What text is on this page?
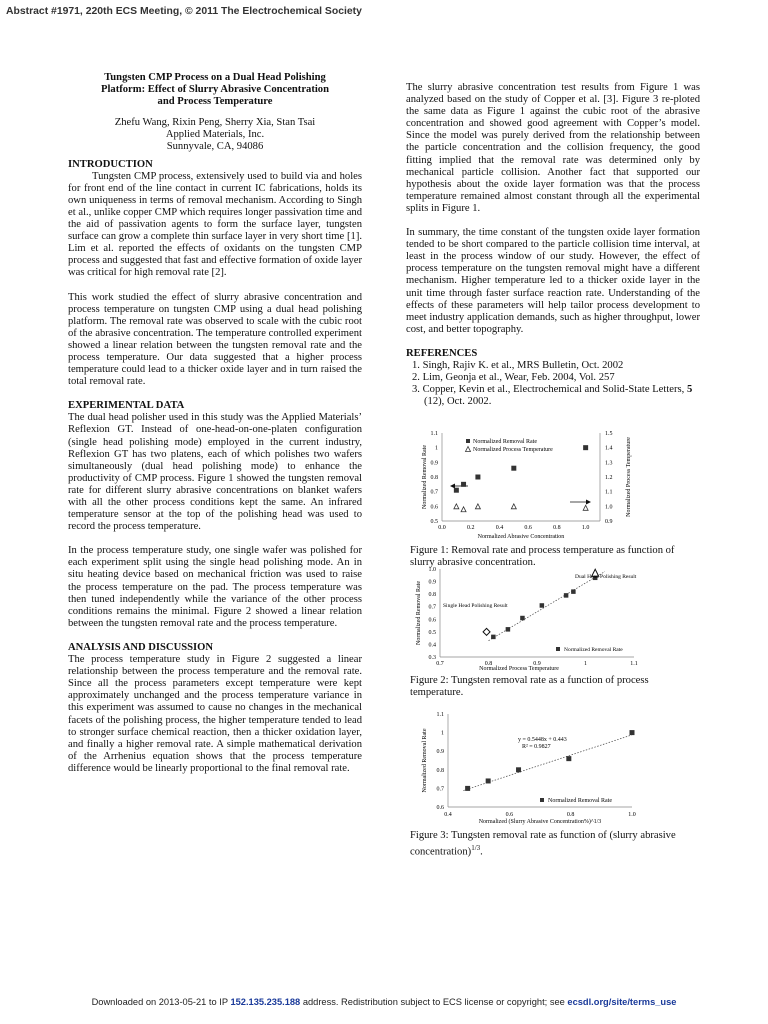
Abstract #1971, 220th ECS Meeting, © 2011 The Electrochemical Society
Tungsten CMP Process on a Dual Head Polishing
Platform: Effect of Slurry Abrasive Concentration
and Process Temperature
Zhefu Wang, Rixin Peng, Sherry Xia, Stan Tsai
Applied Materials, Inc.
Sunnyvale, CA, 94086
INTRODUCTION

Tungsten CMP process, extensively used to build via and holes for front end of the line contact in current IC fabrications, holds its own uniqueness in terms of removal mechanism. According to Singh et al., unlike copper CMP which requires longer passivation time and the aid of passivation agents to form the surface layer, tungsten surface can grow a complete thin surface layer in very short time [1]. Lim et al. reported the effects of oxidants on the tungsten CMP process and suggested that fast and effective formation of oxide layer was critical for high removal rate [2].

This work studied the effect of slurry abrasive concentration and process temperature on tungsten CMP using a dual head polishing platform. The removal rate was observed to scale with the cubic root of the abrasive concentration. The temperature controlled experiment showed a linear relation between the tungsten removal rate and the process temperature. Our data suggested that a higher process temperature could lead to a thicker oxide layer and in turn raised the total removal rate.

EXPERIMENTAL DATA

The dual head polisher used in this study was the Applied Materials’ Reflexion GT. Instead of one-head-on-one-platen configuration (single head polishing mode) employed in the current industry, Reflexion GT has two platens, each of which polishes two wafers simultaneously (dual head polishing mode) to enhance the productivity of CMP process. Figure 1 showed the tungsten removal rate for different slurry abrasive concentrations on blanket wafers with all the other process conditions kept the same. An infrared temperature sensor at the top of the polishing head was used to record the process temperature.

In the process temperature study, one single wafer was polished for each experiment split using the single head polishing mode. An in situ heating device based on mechanical friction was used to raise the process temperature on the pad. The process temperature was then tuned independently while the variance of the other process conditions remains the minimal. Figure 2 showed a linear relation between the tungsten removal rate and the process temperature.

ANALYSIS AND DISCUSSION

The process temperature study in Figure 2 suggested a linear relationship between the process temperature and the removal rate. Since all the process parameters except temperature were kept approximately unchanged and the process temperature variance in this experiment was assumed to cause no changes in the mechanical facets of the polishing process, the higher temperature tended to lead to stronger surface chemical reaction, then a thicker oxidation layer, and finally a higher removal rate. A simple mathematical derivation of the Arrhenius equation shows that the process temperature difference would be linearly proportional to the final removal rate.

The slurry abrasive concentration test results from Figure 1 was analyzed based on the study of Copper et al. [3]. Figure 3 re-ploted the same data as Figure 1 against the cubic root of the abrasive concentration and showed good agreement with Copper’s model. Since the model was purely derived from the relationship between the particle concentration and the collision frequency, the good fitting implied that the removal rate was determined only by mechanical particle collision. Another fact that supported our hypothesis about the oxide layer formation was that the process temperature remained almost constant through all the experimental splits in Figure 1.

In summary, the time constant of the tungsten oxide layer formation tended to be short compared to the particle collision time interval, at least in the process window of our study. However, the effect of process temperature on the tungsten removal might have a different mechanism. Higher temperature led to a thicker oxide layer in the unit time through faster surface reaction rate. Understanding of the effects of these parameters will help tailor process development to meet industry application demands, such as higher throughput, lower cost, and better topography.

REFERENCES
1. Singh, Rajiv K. et al., MRS Bulletin, Oct. 2002
2. Lim, Geonja et al., Wear, Feb. 2004, Vol. 257
3. Copper, Kevin et al., Electrochemical and Solid-State Letters, 5 (12), Oct. 2002.
0.5
0.6
0.7
0.8
0.9
1
1.1
0.9
1.0
1.1
1.2
1.3
1.4
1.5
0.0	0.2	0.4	0.6	0.8	1.0
Normalized Abrasive Concentration
Normalized Removal Rate	Normalized Process Temperature
Normalized Removal Rate
Normalized Process Temperature
Figure 1: Removal rate and process temperature as function of slurry abrasive concentration.
0.3
0.4
0.5
0.6
0.7
0.8
0.9
1.0
0.7	0.8	0.9	1	1.1
Normalized Process Temperature
Normalized Removal Rate
Dual Head Polishing Result
Single Head Polishing Result
Normalized Removal Rate
Figure 2: Tungsten removal rate as a function of process temperature.
0.6
0.7
0.8
0.9
1
1.1
0.4	0.6	0.8	1.0
Normalized (Slurry Abrasive Concentration%)^1/3
Normalized Removal Rate	y = 0.5448x + 0.443
R² = 0.9827
Normalized Removal Rate
Figure 3: Tungsten removal rate as function of (slurry abrasive concentration)$^{1/3}$.
Downloaded on 2013-05-21 to IP 152.135.235.188 address. Redistribution subject to ECS license or copyright; see ecsdl.org/site/terms_use
